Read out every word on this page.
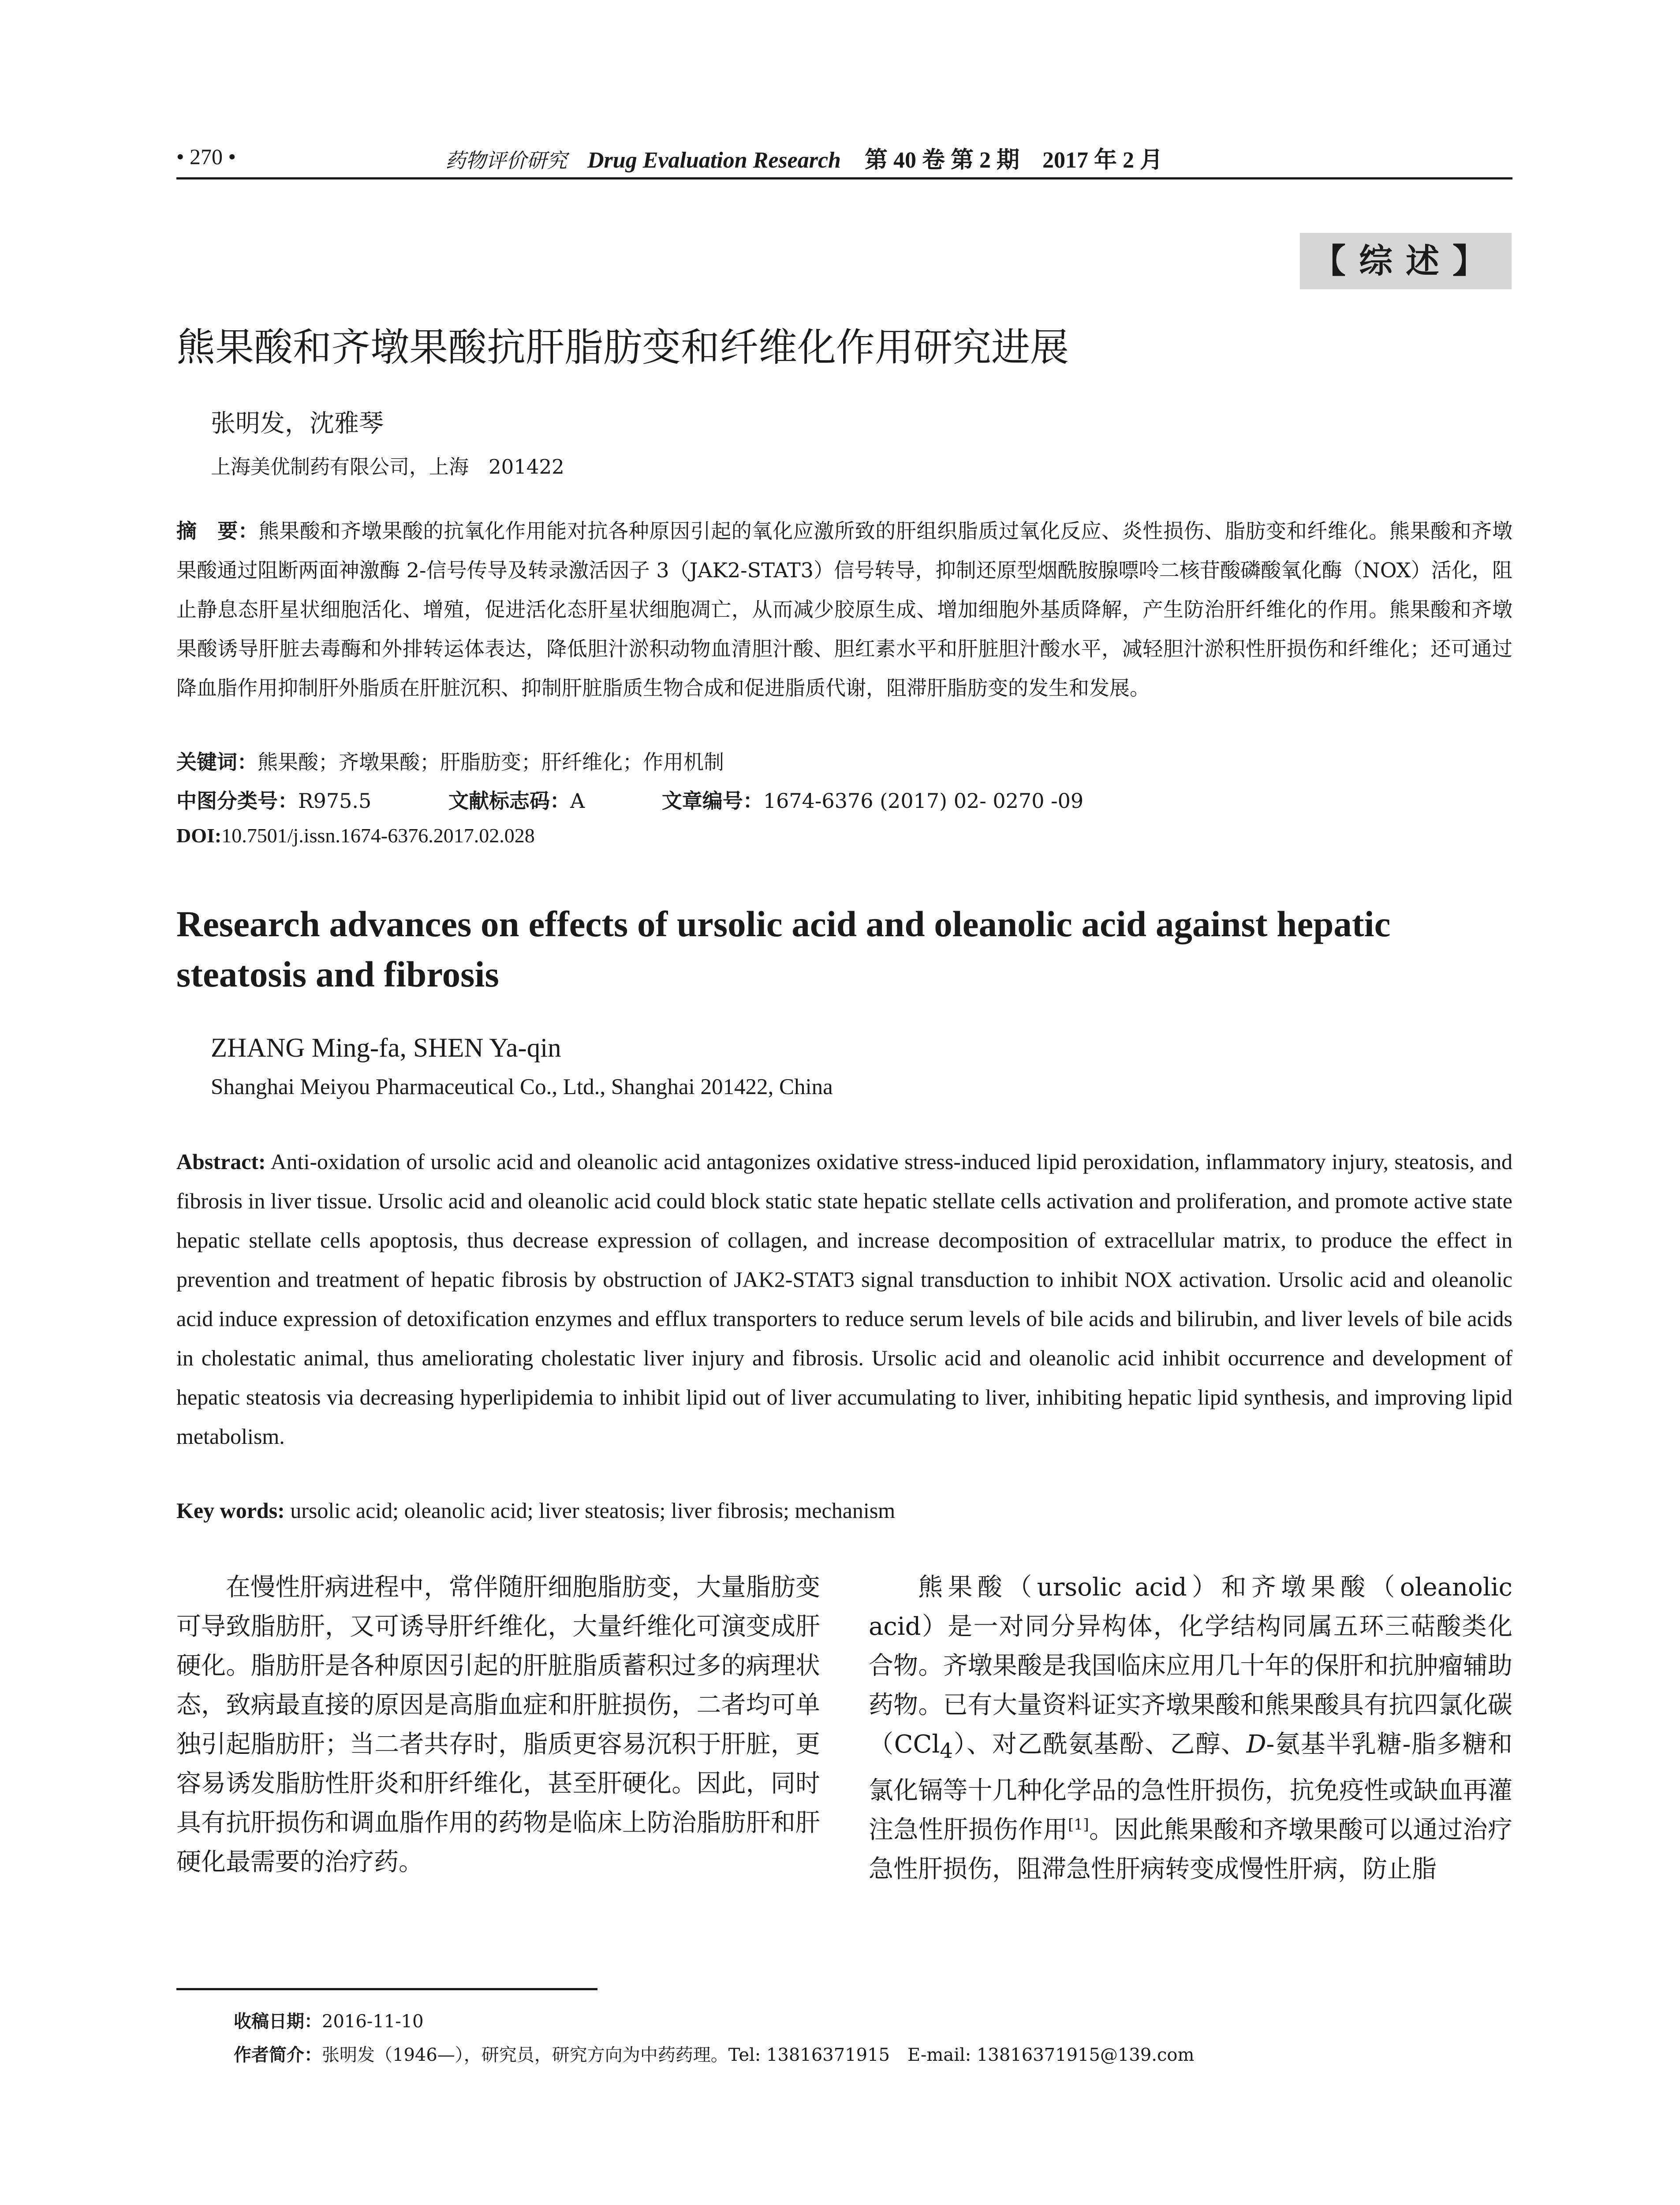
• 270 •	药物评价研究 Drug Evaluation Research 第 40 卷 第 2 期　2017 年 2 月
【综述】
熊果酸和齐墩果酸抗肝脂肪变和纤维化作用研究进展
张明发，沈雅琴
上海美优制药有限公司，上海　201422
摘　要：熊果酸和齐墩果酸的抗氧化作用能对抗各种原因引起的氧化应激所致的肝组织脂质过氧化反应、炎性损伤、脂肪变和纤维化。熊果酸和齐墩果酸通过阻断两面神激酶 2-信号传导及转录激活因子 3（JAK2-STAT3）信号转导，抑制还原型烟酰胺腺嘌呤二核苷酸磷酸氧化酶（NOX）活化，阻止静息态肝星状细胞活化、增殖，促进活化态肝星状细胞凋亡，从而减少胶原生成、增加细胞外基质降解，产生防治肝纤维化的作用。熊果酸和齐墩果酸诱导肝脏去毒酶和外排转运体表达，降低胆汁淤积动物血清胆汁酸、胆红素水平和肝脏胆汁酸水平，减轻胆汁淤积性肝损伤和纤维化；还可通过降血脂作用抑制肝外脂质在肝脏沉积、抑制肝脏脂质生物合成和促进脂质代谢，阻滞肝脂肪变的发生和发展。
关键词：熊果酸；齐墩果酸；肝脂肪变；肝纤维化；作用机制
中图分类号：R975.5	文献标志码：A	文章编号：1674-6376 (2017) 02- 0270 -09
DOI:10.7501/j.issn.1674-6376.2017.02.028
Research advances on effects of ursolic acid and oleanolic acid against hepatic steatosis and fibrosis
ZHANG Ming-fa, SHEN Ya-qin
Shanghai Meiyou Pharmaceutical Co., Ltd., Shanghai 201422, China
Abstract: Anti-oxidation of ursolic acid and oleanolic acid antagonizes oxidative stress-induced lipid peroxidation, inflammatory injury, steatosis, and fibrosis in liver tissue. Ursolic acid and oleanolic acid could block static state hepatic stellate cells activation and proliferation, and promote active state hepatic stellate cells apoptosis, thus decrease expression of collagen, and increase decomposition of extracellular matrix, to produce the effect in prevention and treatment of hepatic fibrosis by obstruction of JAK2-STAT3 signal transduction to inhibit NOX activation. Ursolic acid and oleanolic acid induce expression of detoxification enzymes and efflux transporters to reduce serum levels of bile acids and bilirubin, and liver levels of bile acids in cholestatic animal, thus ameliorating cholestatic liver injury and fibrosis. Ursolic acid and oleanolic acid inhibit occurrence and development of hepatic steatosis via decreasing hyperlipidemia to inhibit lipid out of liver accumulating to liver, inhibiting hepatic lipid synthesis, and improving lipid metabolism.
Key words: ursolic acid; oleanolic acid; liver steatosis; liver fibrosis; mechanism
在慢性肝病进程中，常伴随肝细胞脂肪变，大量脂肪变可导致脂肪肝，又可诱导肝纤维化，大量纤维化可演变成肝硬化。脂肪肝是各种原因引起的肝脏脂质蓄积过多的病理状态，致病最直接的原因是高脂血症和肝脏损伤，二者均可单独引起脂肪肝；当二者共存时，脂质更容易沉积于肝脏，更容易诱发脂肪性肝炎和肝纤维化，甚至肝硬化。因此，同时具有抗肝损伤和调血脂作用的药物是临床上防治脂肪肝和肝硬化最需要的治疗药。
熊果酸（ursolic acid）和齐墩果酸（oleanolic acid）是一对同分异构体，化学结构同属五环三萜酸类化合物。齐墩果酸是我国临床应用几十年的保肝和抗肿瘤辅助药物。已有大量资料证实齐墩果酸和熊果酸具有抗四氯化碳（CCl$_4$）、对乙酰氨基酚、乙醇、D-氨基半乳糖-脂多糖和氯化镉等十几种化学品的急性肝损伤，抗免疫性或缺血再灌注急性肝损伤作用[1]。因此熊果酸和齐墩果酸可以通过治疗急性肝损伤，阻滞急性肝病转变成慢性肝病，防止脂
收稿日期：2016-11-10
作者简介：张明发（1946—），研究员，研究方向为中药药理。Tel: 13816371915　E-mail: 13816371915@139.com
